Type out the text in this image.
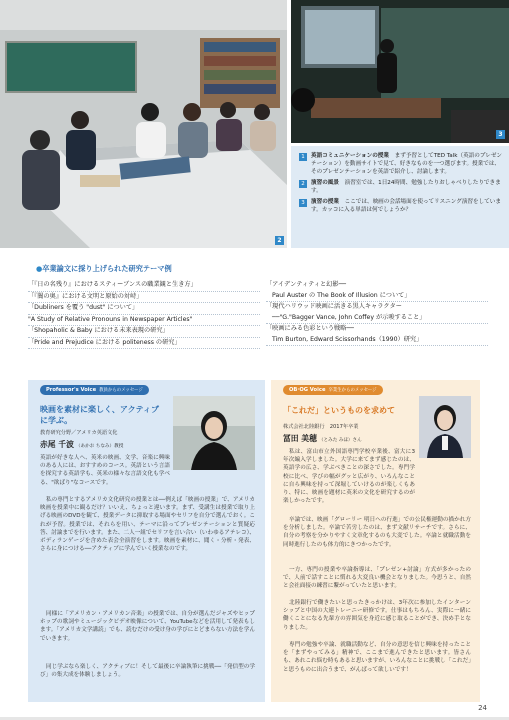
2
3
1	英語コミュニケーションの授業　 まず予習としてTED Talk（英語のプレゼンテーション）を動画サイトで見て、好きなものを一つ選びます。授業では、そのプレゼンテーションを英語で紹介し、討論します。
2	演習の風景　 演習室では、1日24時間、勉強したりおしゃべりしたりできます。
3	演習の授業　 ここでは、映画の会話場面を使ってリスニング演習をしています。カッコに入る単語は何でしょうか？
●卒業論文に採り上げられた研究テーマ例
「『日の名残り』におけるスティーブンスの職業観と生き方」
「『闇の奥』における文明と原始の対峙」
「Dubliners を覆う "dust" について」
"A Study of Relative Pronouns in Newspaper Articles"
「Shopaholic & Baby における未来表現の研究」
「Pride and Prejudice における politeness の研究」
「アイデンティティと幻影──
Paul Auster の The Book of Illusion について」
「現代ハリウッド映画に活きる黒人キャラクター
──"G."Bagger Vance, John Coffey が示唆すること」
「映画にみる色彩という戦略──
Tim Burton, Edward Scissorhands（1990）研究」
Professor's Voice 教員からのメッセージ
映画を素材に楽しく、アクティブに学ぶ。
教育研究分野／アメリカ英語文化
赤尾 千波 （あかお ちなみ）教授
英語が好きな人へ、英米の映画、文学、音楽に興味のある人には、おすすめのコース。英語という言語を探究する英語学も、英米の様々な言語文化も学べる、"欲ばり"なコースです。
私の専門とするアメリカ文化研究の授業とは──例えば「映画の授業」で、アメリカ映画を授業中に観るだけ？いいえ、ちょっと違います。まず、受講生は授業で取り上げる映画のDVDを観て、授業データに抑取する場面やセリフを自分で選んでおく。これが予習。授業では、それらを用い、テーマに沿ってプレゼンテーションと質疑応答、討論までを行います。また、二人一組でセリフを言い合い（いわゆるアテレコ）、ボディランゲージを含めた表会全演習をします。映画を素材に、聞く・分析・発表、さらに身につける──アクティブに学んでいく授業なのです。
同様に「アメリカン・アメリカン音楽」の授業では、自分が選んだジャズやヒップホップの歌詞やミュージックビデオ映像について、YouTubeなどを活用して発表もします。「アメリカ文学講読」でも、読むだけの受け身の学びにとどまらない方法を学んでいきます。
同じ学ぶなら楽しく、アクティブに！そして最後に卒論執筆に挑戦──「発信型の学び」の集大成を体験しましょう。
OB·OG Voice 卒業生からのメッセージ
「これだ」というものを求めて
株式会社北陸銀行　2017年卒業
冨田 美穂 （とみた みほ）さん
私は、富山市立外国語専門学校卒業後、富大に3年次編入学しました。大学に来てまず感じたのは、英語学の広さ、学ぶべきことの深さでした。専門学校に比べ、学びの幅がグッと広がり、いろんなことに自ら興味を持って深堀していけるのが楽しくもあり、特に、映画を題材に英米の文化を研究するのが楽しかったです。
卒論では、映画「グローリー 明日への行進」での公民権運動の描かれ方を分析しました。卒論で苦労したのは、まず文献リサーチです。さらに、自分の考察を分かりやすく文章化するのも大変でした。卒論と就職活動を同時進行したのも体力的にきつかったです。
一方、専門の授業や卒論指導は、「プレゼン+討論」方式が多かったので、人前で話すことに慣れる大変良い機会となりました。今思うと、自然と会社面接の練習に繋がっていたと思います。
北陸銀行で働きたいと思ったきっかけは、3年次に参加したインターンシップと中国の大連トレーニー研修です。仕事はもちろん、実際に一緒に働くことになる先輩方の雰囲気を身近に感じ取ることができ、決め手となりました。
専門の勉強や卒論、就職活動など、自分の意思を信じ興味を持ったことを「まずやってみる」精神で、ここまで進んできたと思います。皆さんも、あれこれ悩む時もあると思いますが、いろんなことに挑戦し「これだ」と思うものに出合うまで、がんばって欲しいです！
24
